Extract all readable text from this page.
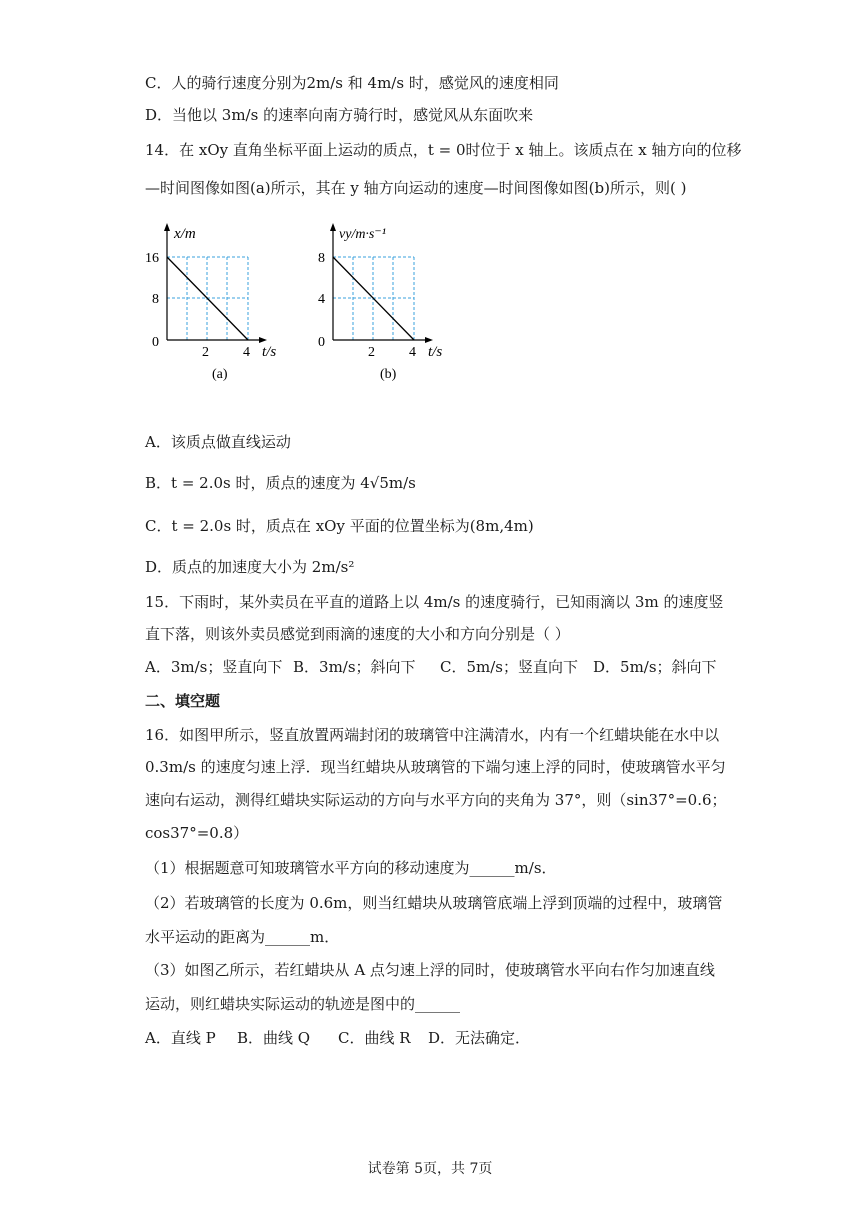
C．人的骑行速度分别为2m/s 和 4m/s 时，感觉风的速度相同
D．当他以 3m/s 的速率向南方骑行时，感觉风从东面吹来
14．在 xOy 直角坐标平面上运动的质点，t = 0时位于 x 轴上。该质点在 x 轴方向的位移
—时间图像如图(a)所示，其在 y 轴方向运动的速度—时间图像如图(b)所示，则( )
x/m
16
8
0
2 4 t/s
(a)
vy/m·s⁻¹
8
4
0
2 4 t/s
(b)
A．该质点做直线运动
B．t = 2.0s 时，质点的速度为 4√5m/s
C．t = 2.0s 时，质点在 xOy 平面的位置坐标为(8m,4m)
D．质点的加速度大小为 2m/s²
15．下雨时，某外卖员在平直的道路上以 4m/s 的速度骑行，已知雨滴以 3m 的速度竖
直下落，则该外卖员感觉到雨滴的速度的大小和方向分别是（ ）
A．3m/s；竖直向下 B．3m/s；斜向下 C．5m/s；竖直向下 D．5m/s；斜向下
二、填空题
16．如图甲所示，竖直放置两端封闭的玻璃管中注满清水，内有一个红蜡块能在水中以
0.3m/s 的速度匀速上浮．现当红蜡块从玻璃管的下端匀速上浮的同时，使玻璃管水平匀
速向右运动，测得红蜡块实际运动的方向与水平方向的夹角为 37°，则（sin37°=0.6；
cos37°=0.8）
（1）根据题意可知玻璃管水平方向的移动速度为______m/s．
（2）若玻璃管的长度为 0.6m，则当红蜡块从玻璃管底端上浮到顶端的过程中，玻璃管
水平运动的距离为______m．
（3）如图乙所示，若红蜡块从 A 点匀速上浮的同时，使玻璃管水平向右作匀加速直线
运动，则红蜡块实际运动的轨迹是图中的______
A．直线 P B．曲线 Q C．曲线 R D．无法确定．
试卷第 5页，共 7页
